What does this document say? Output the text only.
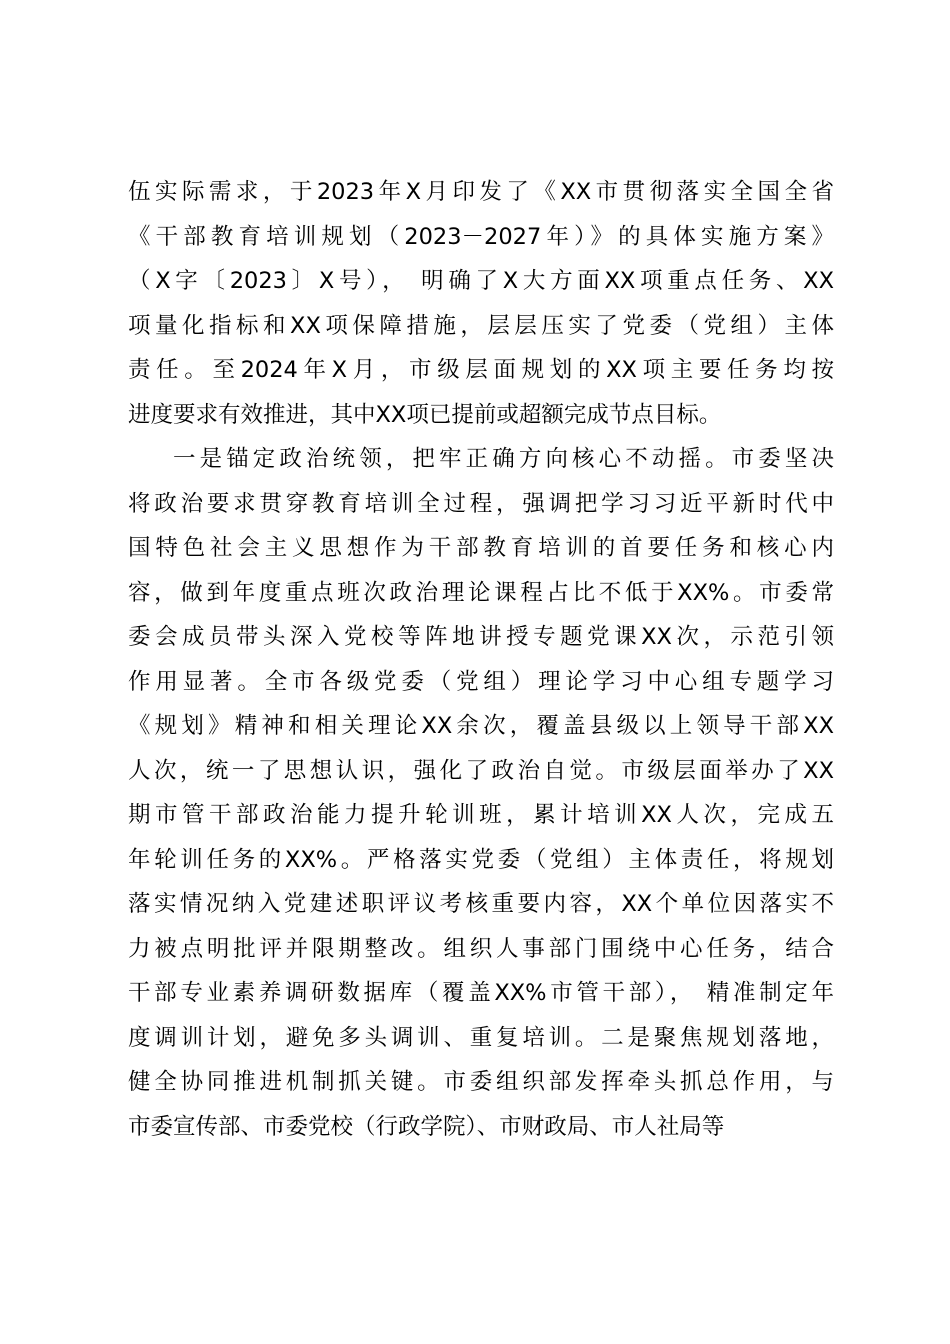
伍实际需求，于2023年X月印发了《XX市贯彻落实全国全省
《干部教育培训规划（2023－2027年）》的具体实施方案》
（X字〔2023〕X号）， 明确了X大方面XX项重点任务、XX
项量化指标和XX项保障措施，层层压实了党委（党组）主体
责任。至2024年X月，市级层面规划的XX项主要任务均按
进度要求有效推进，其中XX项已提前或超额完成节点目标。
一是锚定政治统领，把牢正确方向核心不动摇。市委坚决
将政治要求贯穿教育培训全过程，强调把学习习近平新时代中
国特色社会主义思想作为干部教育培训的首要任务和核心内
容，做到年度重点班次政治理论课程占比不低于XX%。市委常
委会成员带头深入党校等阵地讲授专题党课XX次，示范引领
作用显著。全市各级党委（党组）理论学习中心组专题学习
《规划》精神和相关理论XX余次，覆盖县级以上领导干部XX
人次，统一了思想认识，强化了政治自觉。市级层面举办了XX
期市管干部政治能力提升轮训班，累计培训XX人次，完成五
年轮训任务的XX%。严格落实党委（党组）主体责任，将规划
落实情况纳入党建述职评议考核重要内容，XX个单位因落实不
力被点明批评并限期整改。组织人事部门围绕中心任务，结合
干部专业素养调研数据库（覆盖XX%市管干部）， 精准制定年
度调训计划，避免多头调训、重复培训。二是聚焦规划落地，
健全协同推进机制抓关键。市委组织部发挥牵头抓总作用，与
市委宣传部、市委党校（行政学院）、市财政局、市人社局等
